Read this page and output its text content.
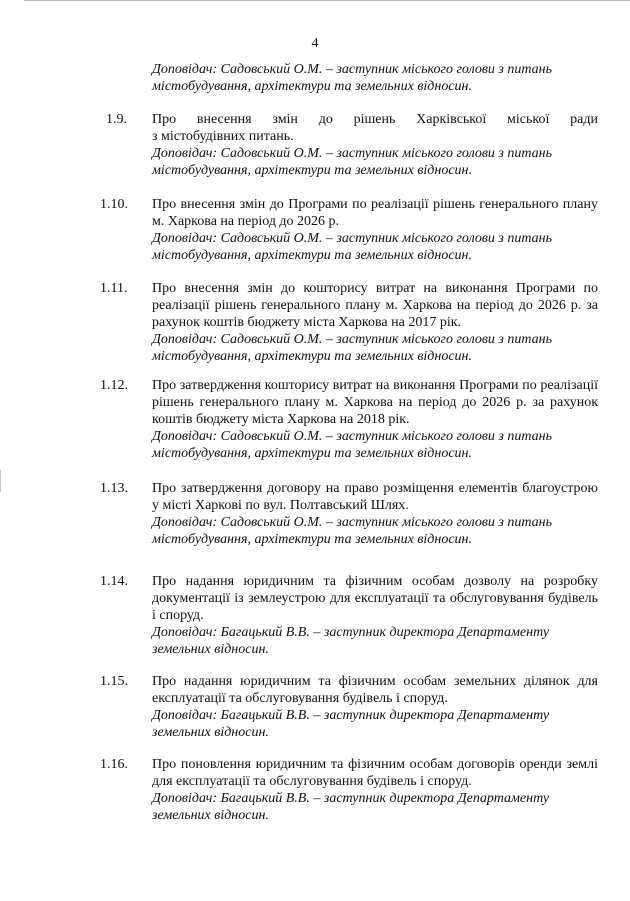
4
Доповідач: Садовський О.М. – заступник міського голови з питань містобудування, архітектури та земельних відносин.
1.9. Про внесення змін до рішень Харківської міської ради
з містобудівних питань.
Доповідач: Садовський О.М. – заступник міського голови з питань містобудування, архітектури та земельних відносин.
1.10. Про внесення змін до Програми по реалізації рішень генерального плану м. Харкова на період до 2026 р.
Доповідач: Садовський О.М. – заступник міського голови з питань містобудування, архітектури та земельних відносин.
1.11. Про внесення змін до кошторису витрат на виконання Програми по реалізації рішень генерального плану м. Харкова на період до 2026 р. за рахунок коштів бюджету міста Харкова на 2017 рік.
Доповідач: Садовський О.М. – заступник міського голови з питань містобудування, архітектури та земельних відносин.
1.12. Про затвердження кошторису витрат на виконання Програми по реалізації рішень генерального плану м. Харкова на період до 2026 р. за рахунок коштів бюджету міста Харкова на 2018 рік.
Доповідач: Садовський О.М. – заступник міського голови з питань містобудування, архітектури та земельних відносин.
1.13. Про затвердження договору на право розміщення елементів благоустрою у місті Харкові по вул. Полтавський Шлях.
Доповідач: Садовський О.М. – заступник міського голови з питань містобудування, архітектури та земельних відносин.
1.14. Про надання юридичним та фізичним особам дозволу на розробку документації із землеустрою для експлуатації та обслуговування будівель і споруд.
Доповідач: Багацький В.В. – заступник директора Департаменту земельних відносин.
1.15. Про надання юридичним та фізичним особам земельних ділянок для експлуатації та обслуговування будівель і споруд.
Доповідач: Багацький В.В. – заступник директора Департаменту земельних відносин.
1.16. Про поновлення юридичним та фізичним особам договорів оренди землі для експлуатації та обслуговування будівель і споруд.
Доповідач: Багацький В.В. – заступник директора Департаменту земельних відносин.
